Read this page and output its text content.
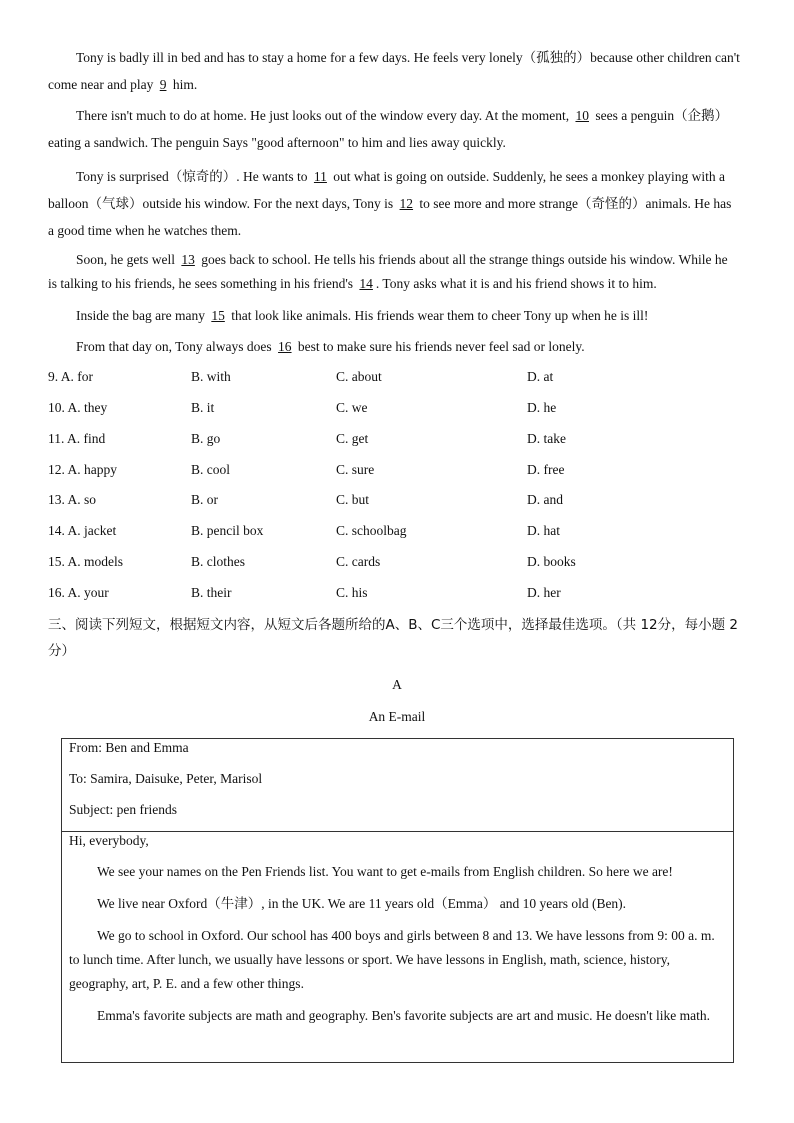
Tony is badly ill in bed and has to stay a home for a few days. He feels very lonely（孤独的）because other children can't come near and play 9 him.
There isn't much to do at home. He just looks out of the window every day. At the moment, 10 sees a penguin（企鹅）eating a sandwich. The penguin Says "good afternoon" to him and lies away quickly.
Tony is surprised（惊奇的）. He wants to 11 out what is going on outside. Suddenly, he sees a monkey playing with a balloon（气球）outside his window. For the next days, Tony is 12 to see more and more strange（奇怪的）animals. He has a good time when he watches them.
Soon, he gets well 13 goes back to school. He tells his friends about all the strange things outside his window. While he is talking to his friends, he sees something in his friend's 14 . Tony asks what it is and his friend shows it to him.
Inside the bag are many 15 that look like animals. His friends wear them to cheer Tony up when he is ill!
From that day on, Tony always does 16 best to make sure his friends never feel sad or lonely.
9. A. for	B. with	C. about	D. at
10. A. they	B. it	C. we	D. he
11. A. find	B. go	C. get	D. take
12. A. happy	B. cool	C. sure	D. free
13. A. so	B. or	C. but	D. and
14. A. jacket	B. pencil box	C. schoolbag	D. hat
15. A. models	B. clothes	C. cards	D. books
16. A. your	B. their	C. his	D. her
三、阅读下列短文，根据短文内容，从短文后各题所给的A、B、C三个选项中，选择最佳选项。（共 12分，每小题 2分）
A
An E-mail
From: Ben and Emma
To: Samira, Daisuke, Peter, Marisol
Subject: pen friends
Hi, everybody,
We see your names on the Pen Friends list. You want to get e-mails from English children. So here we are!
We live near Oxford（牛津）, in the UK. We are 11 years old（Emma） and 10 years old (Ben).
We go to school in Oxford. Our school has 400 boys and girls between 8 and 13. We have lessons from 9: 00 a. m. to lunch time. After lunch, we usually have lessons or sport. We have lessons in English, math, science, history, geography, art, P. E. and a few other things.
Emma's favorite subjects are math and geography. Ben's favorite subjects are art and music. He doesn't like math.
